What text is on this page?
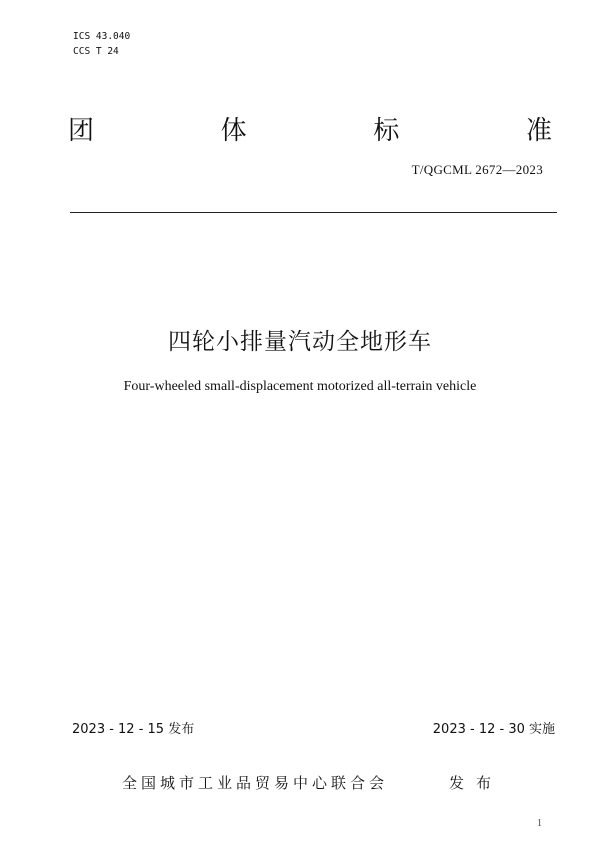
ICS 43.040
CCS T 24
团	体	标	准
T/QGCML 2672—2023
四轮小排量汽动全地形车
Four-wheeled small-displacement motorized all-terrain vehicle
2023 - 12 - 15 发布	2023 - 12 - 30 实施
全国城市工业品贸易中心联合会	发布
1
